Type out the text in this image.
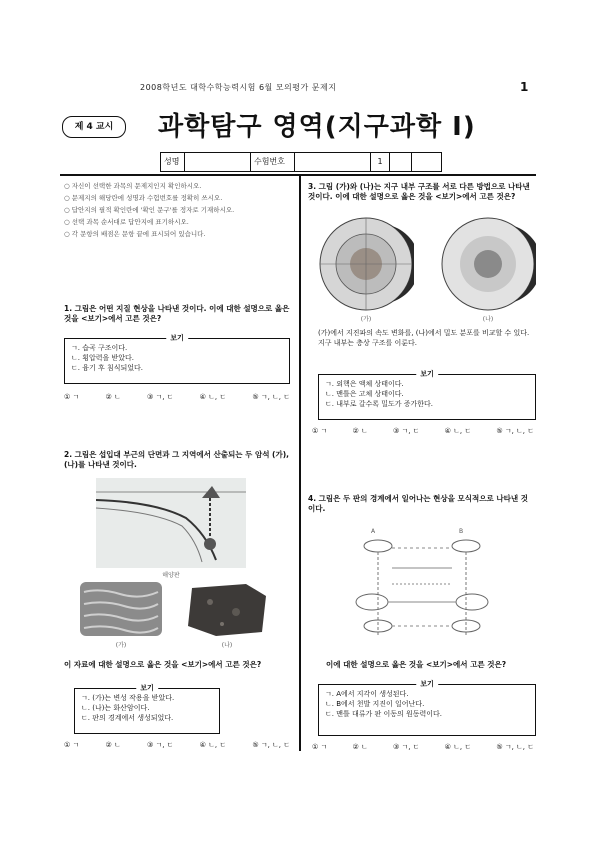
2008학년도 대학수학능력시험 6월 모의평가 문제지	1
제 4 교시	과학탐구 영역(지구과학 I)
성명	수험번호	1
○ 자신이 선택한 과목의 문제지인지 확인하시오.
○ 문제지의 해당란에 성명과 수험번호를 정확히 쓰시오.
○ 답안지의 필적 확인란에 '확인 문구'를 정자로 기재하시오.
○ 선택 과목 순서대로 답안지에 표기하시오.
○ 각 문항의 배점은 문항 끝에 표시되어 있습니다.
1. 그림은 어떤 지질 현상을 나타낸 것이다. 이에 대한 설명으로 옳은 것을 <보기>에서 고른 것은?
보기
ㄱ. 습곡 구조이다.
ㄴ. 횡압력을 받았다.
ㄷ. 융기 후 침식되었다.
① ㄱ	② ㄴ	③ ㄱ, ㄷ	④ ㄴ, ㄷ	⑤ ㄱ, ㄴ, ㄷ
2. 그림은 섭입대 부근의 단면과 그 지역에서 산출되는 두 암석 (가), (나)를 나타낸 것이다.
해양판
(가)	(나)
이 자료에 대한 설명으로 옳은 것을 <보기>에서 고른 것은?
보기
ㄱ. (가)는 변성 작용을 받았다.
ㄴ. (나)는 화산암이다.
ㄷ. 판의 경계에서 생성되었다.
① ㄱ	② ㄴ	③ ㄱ, ㄷ	④ ㄴ, ㄷ	⑤ ㄱ, ㄴ, ㄷ
3. 그림 (가)와 (나)는 지구 내부 구조를 서로 다른 방법으로 나타낸 것이다. 이에 대한 설명으로 옳은 것을 <보기>에서 고른 것은?
(가)	(나)
(가)에서 지진파의 속도 변화를, (나)에서 밀도 분포를 비교할 수 있다. 지구 내부는 층상 구조를 이룬다.
보기
ㄱ. 외핵은 액체 상태이다.
ㄴ. 맨틀은 고체 상태이다.
ㄷ. 내부로 갈수록 밀도가 증가한다.
① ㄱ	② ㄴ	③ ㄱ, ㄷ	④ ㄴ, ㄷ	⑤ ㄱ, ㄴ, ㄷ
4. 그림은 두 판의 경계에서 일어나는 현상을 모식적으로 나타낸 것이다.
A	B
이에 대한 설명으로 옳은 것을 <보기>에서 고른 것은?
보기
ㄱ. A에서 지각이 생성된다.
ㄴ. B에서 천발 지진이 일어난다.
ㄷ. 맨틀 대류가 판 이동의 원동력이다.
① ㄱ	② ㄴ	③ ㄱ, ㄷ	④ ㄴ, ㄷ	⑤ ㄱ, ㄴ, ㄷ
